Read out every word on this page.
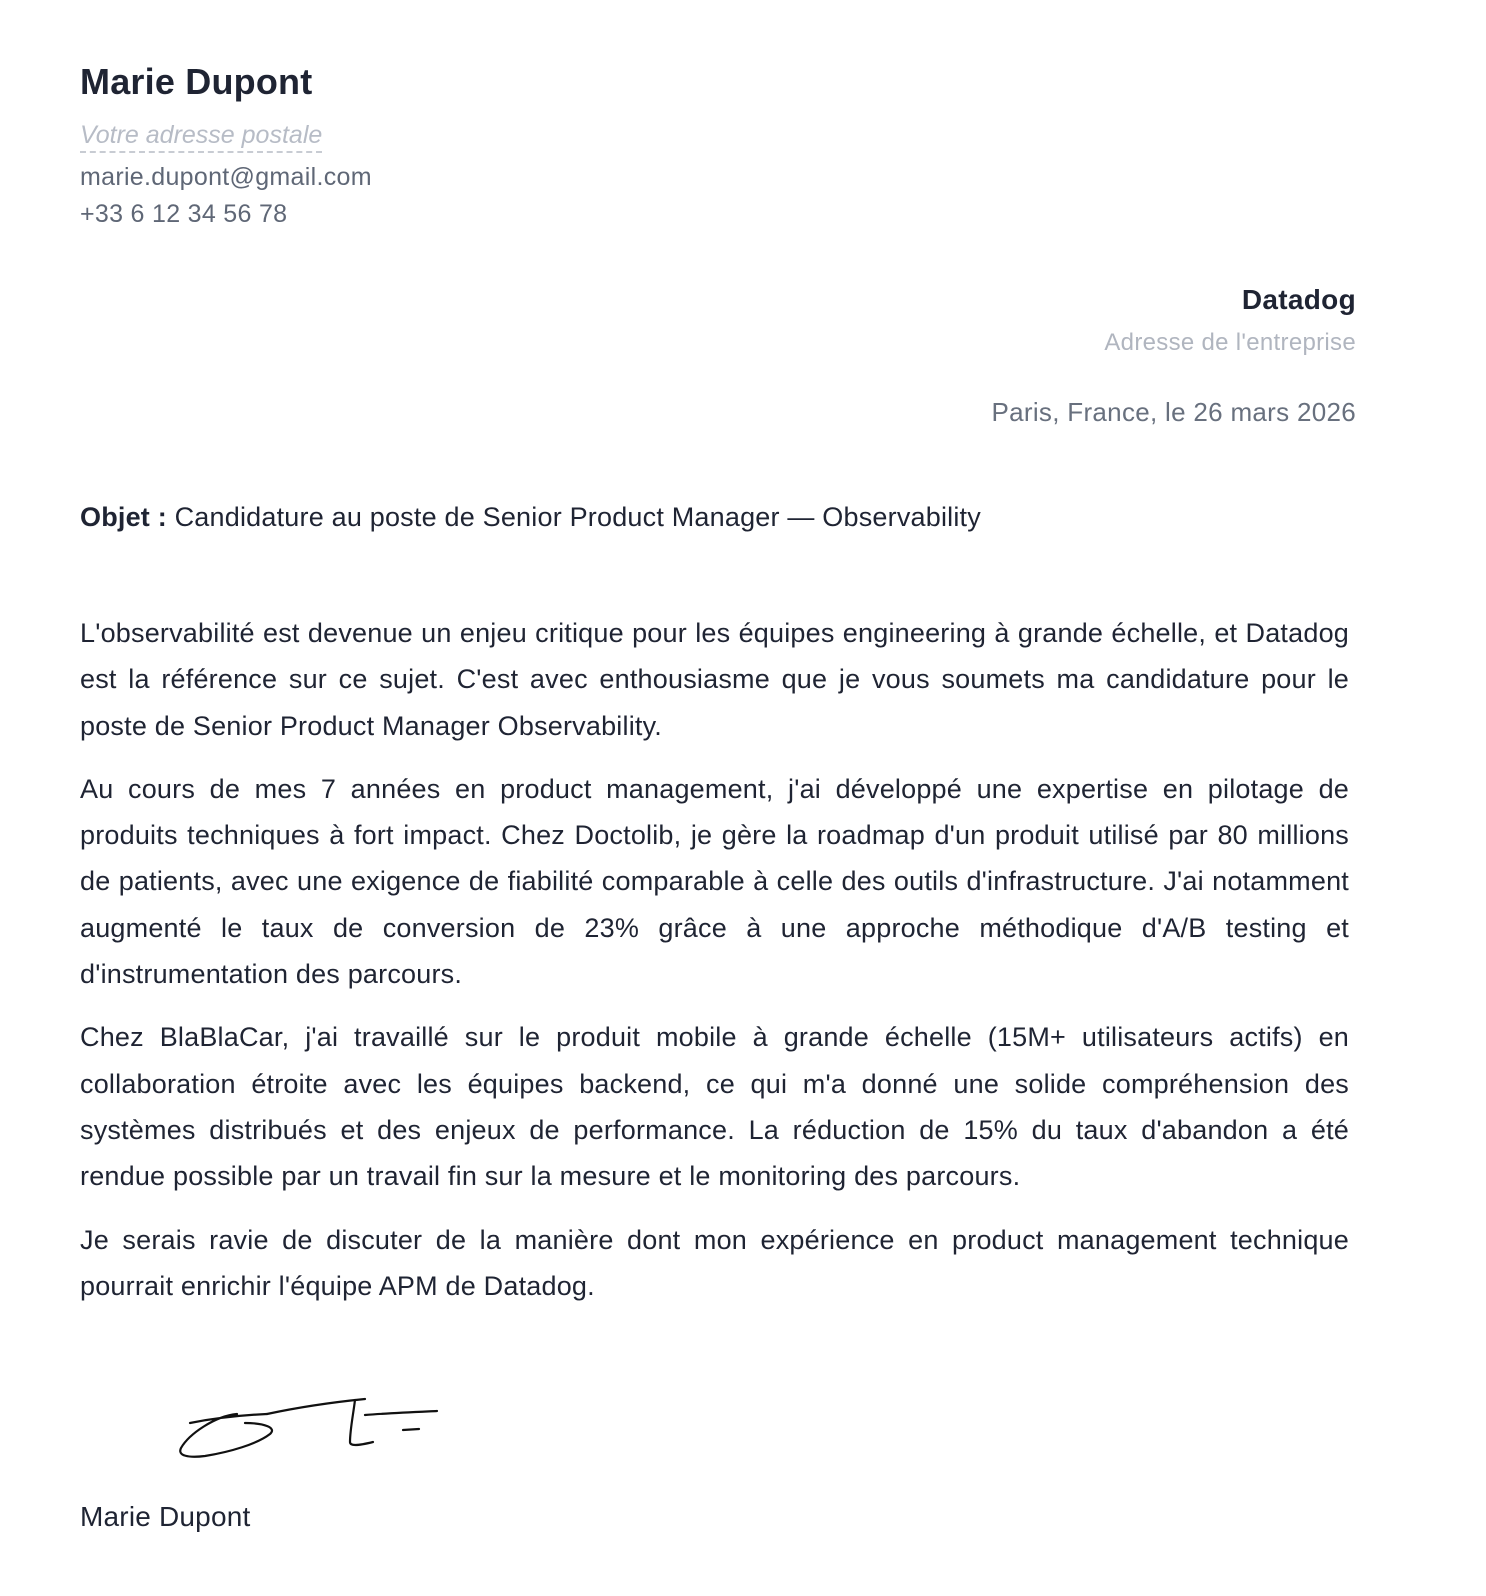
Marie Dupont
Votre adresse postale
marie.dupont@gmail.com
+33 6 12 34 56 78
Datadog
Adresse de l'entreprise
Paris, France, le 26 mars 2026
Objet : Candidature au poste de Senior Product Manager — Observability

L'observabilité est devenue un enjeu critique pour les équipes engineering à grande échelle, et Datadog est la référence sur ce sujet. C'est avec enthousiasme que je vous soumets ma candidature pour le poste de Senior Product Manager Observability.

Au cours de mes 7 années en product management, j'ai développé une expertise en pilotage de produits techniques à fort impact. Chez Doctolib, je gère la roadmap d'un produit utilisé par 80 millions de patients, avec une exigence de fiabilité comparable à celle des outils d'infrastructure. J'ai notamment augmenté le taux de conversion de 23% grâce à une approche méthodique d'A/B testing et d'instrumentation des parcours.

Chez BlaBlaCar, j'ai travaillé sur le produit mobile à grande échelle (15M+ utilisateurs actifs) en collaboration étroite avec les équipes backend, ce qui m'a donné une solide compréhension des systèmes distribués et des enjeux de performance. La réduction de 15% du taux d'abandon a été rendue possible par un travail fin sur la mesure et le monitoring des parcours.

Je serais ravie de discuter de la manière dont mon expérience en product management technique pourrait enrichir l'équipe APM de Datadog.

Marie Dupont
